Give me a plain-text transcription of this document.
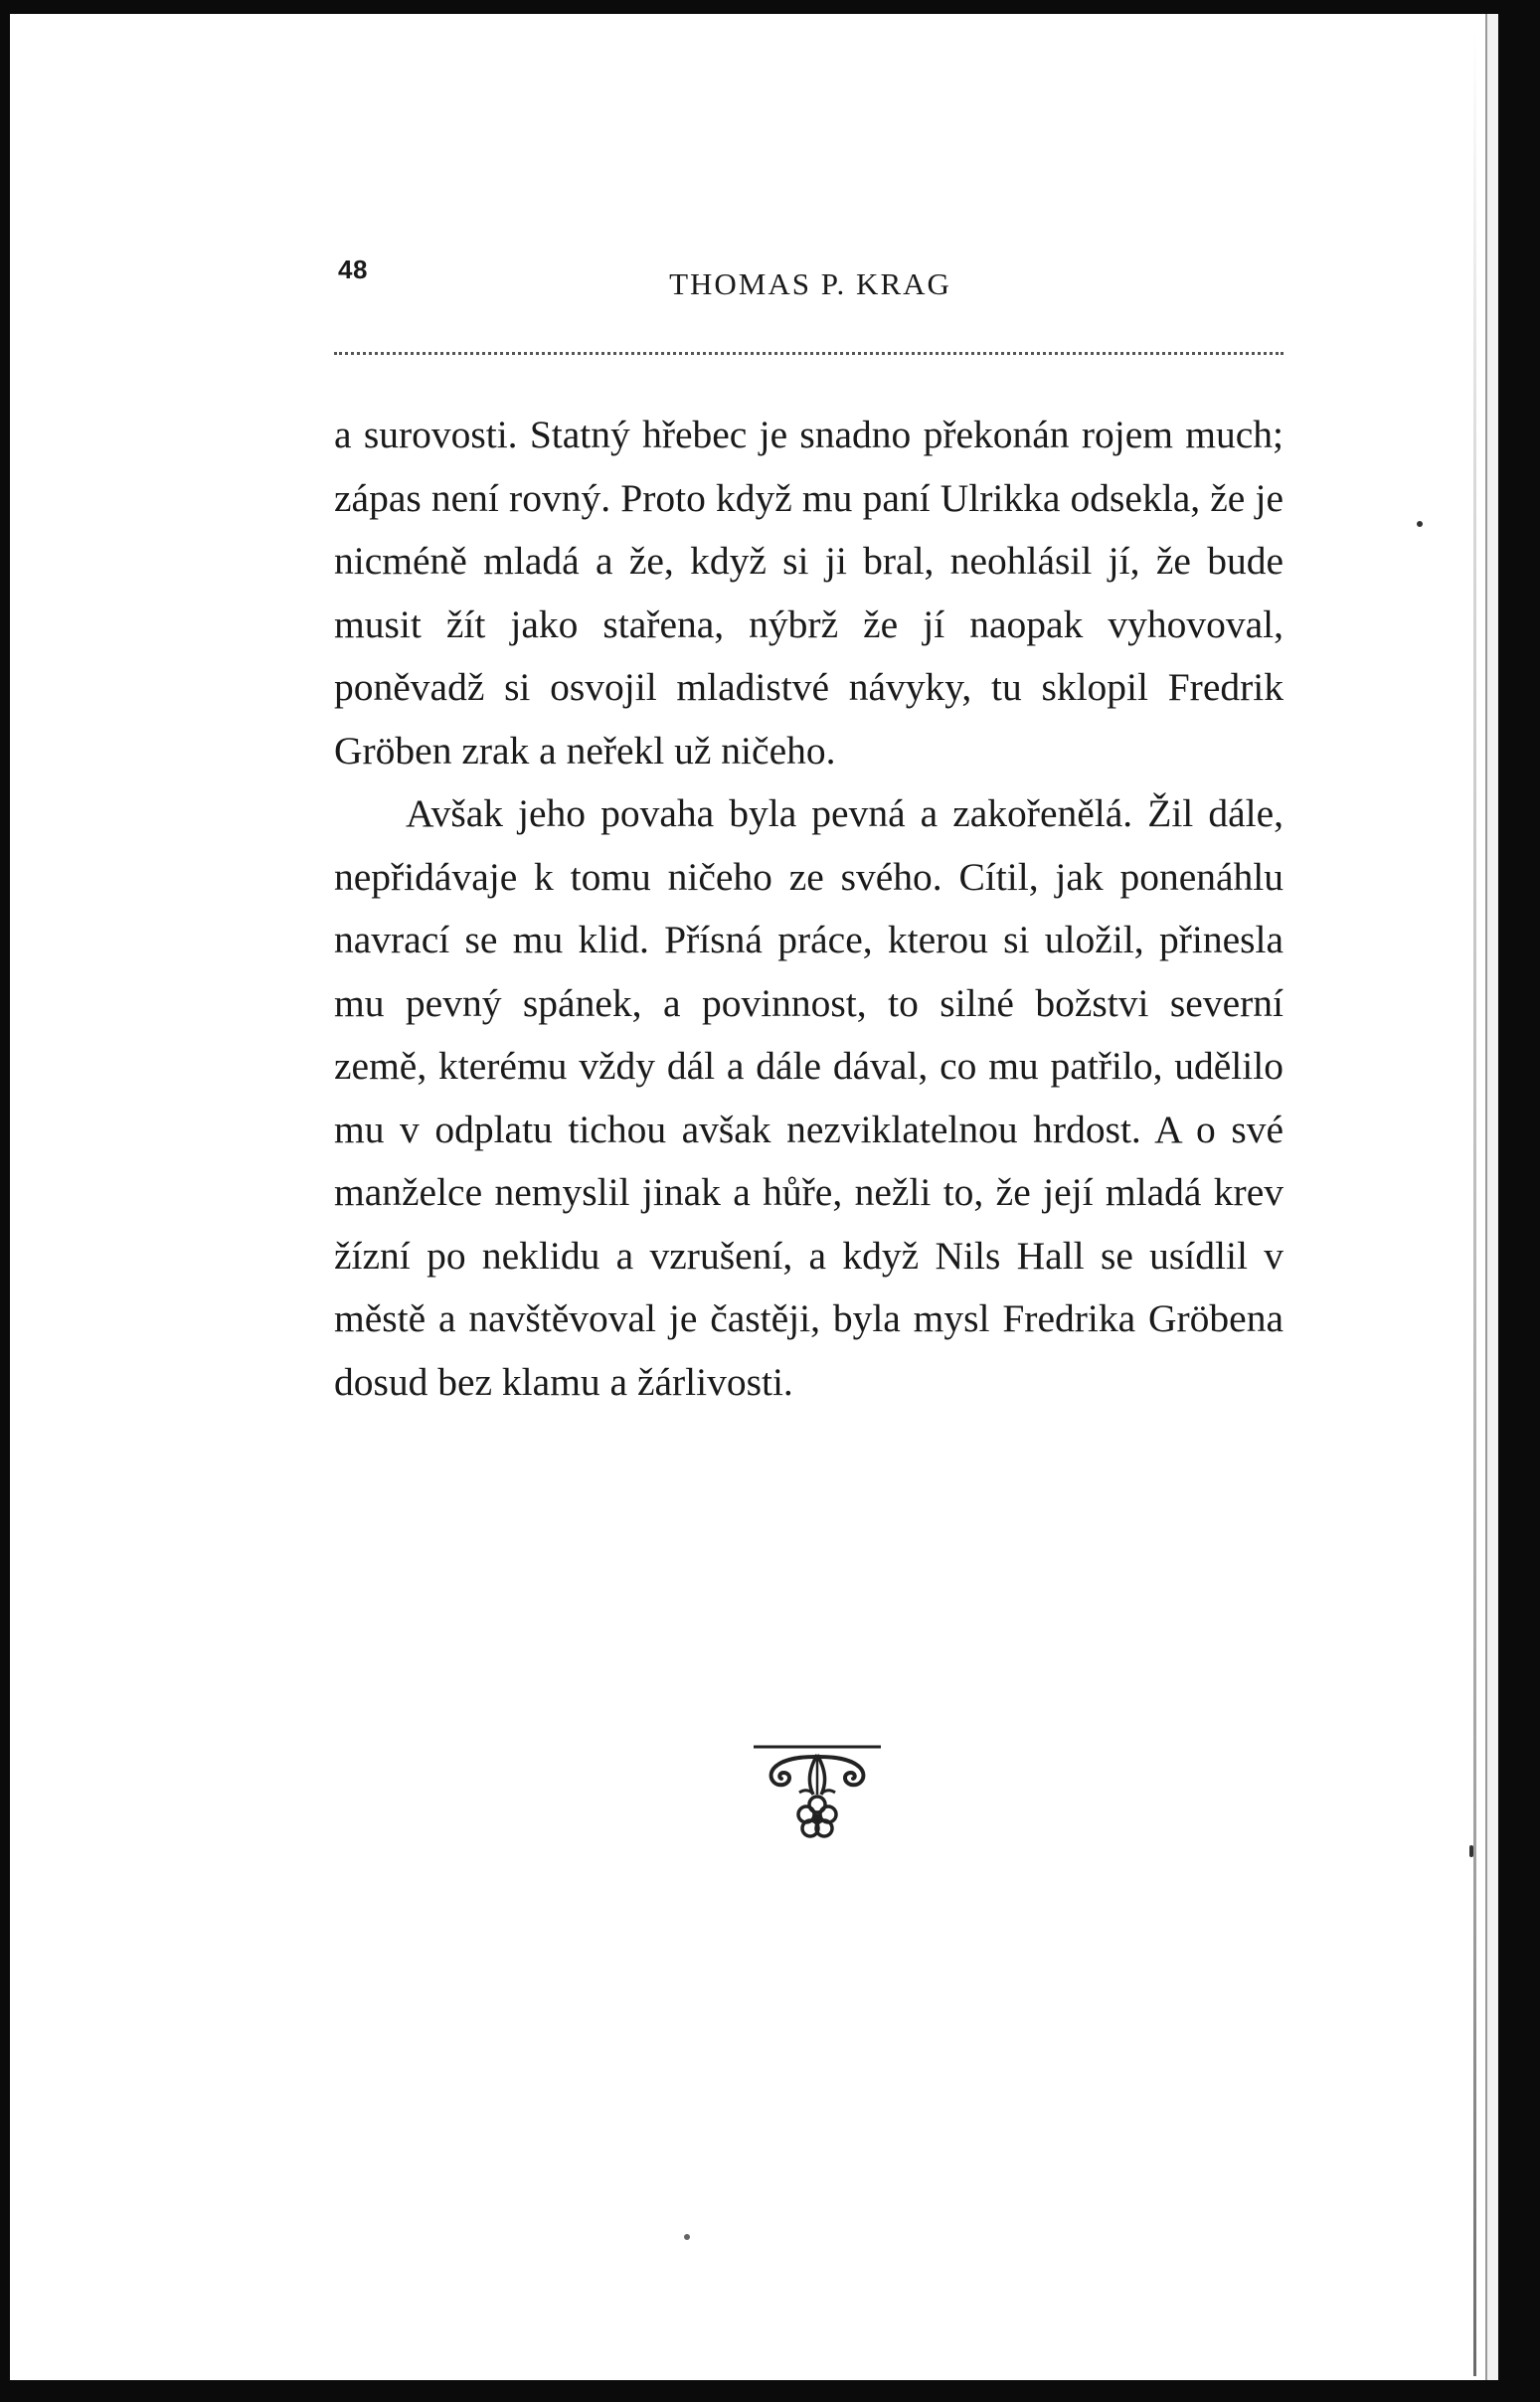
48	THOMAS P. KRAG

a surovosti. Statný hřebec je snadno překonán rojem much; zápas není rovný. Proto když mu paní Ulrikka odsekla, že je nicméně mladá a že, když si ji bral, neohlásil jí, že bude musit žít jako stařena, nýbrž že jí naopak vyhovoval, poněvadž si osvojil mladistvé návyky, tu sklopil Fredrik Gröben zrak a neřekl už ničeho.

Avšak jeho povaha byla pevná a zakořenělá. Žil dále, nepřidávaje k tomu ničeho ze svého. Cítil, jak ponenáhlu navrací se mu klid. Přísná práce, kterou si uložil, přinesla mu pevný spánek, a povinnost, to silné božstvi severní země, kterému vždy dál a dále dával, co mu patřilo, udělilo mu v odplatu tichou avšak nezviklatelnou hrdost. A o své manželce nemyslil jinak a hůře, nežli to, že její mladá krev žízní po neklidu a vzrušení, a když Nils Hall se usídlil v městě a navštěvoval je častěji, byla mysl Fredrika Gröbena dosud bez klamu a žárlivosti.
